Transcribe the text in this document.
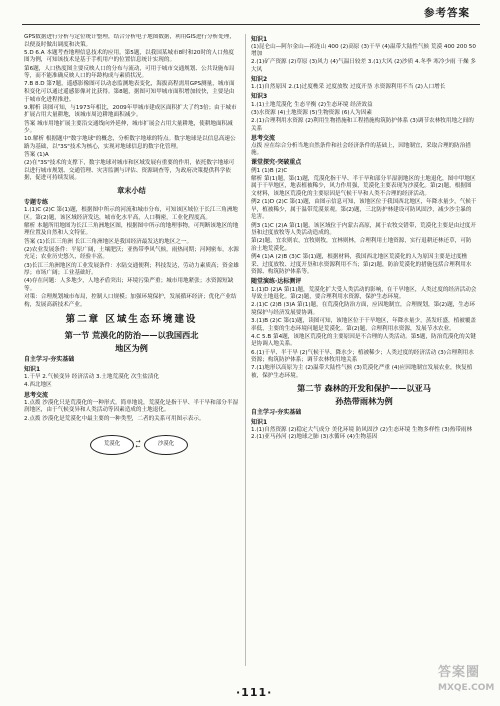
参考答案

GPS数据进行分析与定位统计整理，结合分析电子地图数据，利用GIS进行分析处理，以便及时做出调度和决策。

5.D 6.A 本题考查地理信息技术的应用。第5题，以我国某城市8时和20时的人口热度图为例，可知该技术是基于手机用户的位置信息统计实现的。

第6题，人口热度图主要反映人口的分布与流动，可用于城市交通规划、公共设施布局等，而不能准确反映人口的年龄构成与素质状况。

7.B 8.D 第7题，遥感影像图可以动态监测地表变化，海拔高程需用GPS测量，城市面积变化可以通过遥感影像对比获得。第8题，据图可知甲城市面积增加较快，主要是由于城市化进程推进。

9.解析 读图可知，与1973年相比，2009年甲城市建成区面积扩大了约3倍；由于城市扩展占用大量耕地，该城市周边耕地面积减少。

答案 城市用地扩展主要沿交通线向外延伸，城市扩展会占用大量耕地，使耕地面积减少。

10.解析 根据题中"数字地球"的概念，分析数字地球的特点。数字地球是以信息高速公路为基础，以"3S"技术为核心，实现对地球信息的数字化管理。

答案 (1)A

(2)在"3S"技术的支撑下，数字地球对城市和区域发展有重要的作用，依托数字地球可以进行城市规划、交通管理、灾害监测与评估、资源调查等，为政府决策提供科学依据，促进可持续发展。

章末小结
专题专练

1.(1)C (2)C 第(1)题，根据图中所示的河流和城市分布，可知该区域位于长江三角洲地区。第(2)题，该区域经济发达，城市化水平高，人口稠密，工业化程度高。

解析 本题所用地图为长江三角洲地区图，根据图中所示的地理事物，可判断该地区的地理位置及自然和人文特征。

答案 (1)长江三角洲 长江三角洲地区是我国经济最发达的地区之一。

(2)农业发展条件：平原广阔，土壤肥沃；亚热带季风气候，雨热同期；河网密布，水源充足；农业历史悠久，经验丰富。

(3)长江三角洲地区的工业发展条件：水陆交通便利；科技发达，劳动力素质高；资金雄厚；市场广阔；工业基础好。

(4)存在问题：人多地少，人地矛盾突出；环境污染严重；城市用地紧张；水资源短缺等。

对策：合理规划城市布局，控制人口规模；加强环境保护，发展循环经济；优化产业结构，发展高新技术产业。

第二章 区域生态环境建设
第一节 荒漠化的防治——以我国西北
地区为例
自主学习·夯实基础
知识1

1.干旱 2.气候变异 经济活动 3.土地荒漠化 次生盐渍化

4.西北地区

思考交流

1.点拨 沙漠化只是荒漠化的一种形式。简单地说，荒漠化是指干旱、半干旱和部分半湿润地区，由于气候变异和人类活动等因素造成的土地退化。

2.点拨 沙漠化是荒漠化中最主要的一种类型，二者的关系可用图示表示。

荒漠化	→
←	沙漠化
知识1

(1)昆仑山—阿尔金山—祁连山 400 (2)高原 (3)干旱 (4)温带大陆性气候 荒漠 400 200 50 增加

2.(1)矿产资源 (2)草原 (3)风力 (4)气温日较差 3.(1)大风 (2)沙质 4.冬季 寒冷少雨 干燥 多大风

知识2

1.(1)自然原因 2.(1)过度樵采 过度放牧 过度开垦 水资源利用不当 (2)人口增长

知识3

1.(1)土地荒漠化 生态平衡 (2)生态环境 经济效益

(3)水资源 (4)土地资源 (5)生物资源 (6)人为因素

2.(1)合理利用水资源 (2)利用生物措施和工程措施构筑防护体系 (3)调节农林牧用地之间的关系

思考交流

点拨 应在综合分析当地自然条件和社会经济条件的基础上，因地制宜，采取合理的防治措施。

课堂探究·突破重点

例1 (1)B (2)C

解析 第(1)题，第(1)题，荒漠化指干旱、半干旱和部分半湿润地区的土地退化，图中甲地区属于干旱地区，地表植被稀少，风力作用强，荒漠化主要表现为沙漠化。第(2)题，根据图文材料，该地区荒漠化的主要原因是气候干旱和人类不合理的经济活动。

例2 (1)D (2)C 第(1)题，由图示信息可知，该地区位于我国西北地区，年降水量少，气候干旱，植被稀少，属于温带荒漠景观。第(2)题，三北防护林建设可防风固沙，减少沙尘暴的危害。

例3 (1)C (2)A 第(1)题，该区域位于内蒙古高原，属于农牧交错带，荒漠化主要是由过度开垦和过度放牧等人类活动造成的。

第(2)题，宜农则农，宜牧则牧，宜林则林，合理利用土地资源，实行退耕还林还草，可防治土地荒漠化。

例4 (1)A (2)B (3)C 第(1)题，根据材料，我国西北地区荒漠化的人为原因主要是过度樵采、过度放牧、过度开垦和水资源利用不当；第(2)题，防治荒漠化的措施包括合理利用水资源、构筑防护体系等。

随堂演练·达标测评

1.(1)D (2)A 第(1)题，荒漠化扩大受人类活动的影响，在干旱地区，人类过度的经济活动会导致土地退化。第(2)题，要合理利用水资源，保护生态环境。

2.(1)C (2)B (3)A 第(1)题，在荒漠化防治方面，应因地制宜，合理规划，第(2)题，生态环境保护与经济发展要协调。

3.(1)B (2)C 第(1)题，读图可知，该地区位于干旱地区，年降水量少，蒸发旺盛，植被覆盖率低，主要的生态环境问题是荒漠化。第(2)题，合理利用水资源，发展节水农业。

4.C 5.B 第4题，该地区荒漠化的主要原因是不合理的人类活动。第5题，防治荒漠化的关键是协调人地关系。

6.(1)干旱、半干旱 (2)气候干旱、降水少；植被稀少；人类过度的经济活动 (3)合理利用水资源；构筑防护体系；调节农林牧用地关系

7.(1)地形以高原为主 (2)温带大陆性气候 (3)荒漠化严重 (4)应因地制宜发展农业，恢复植被，保护生态环境。

第二节 森林的开发和保护——以亚马
孙热带雨林为例
自主学习·夯实基础
知识1

1.(1)自然资源 (2)稳定大气成分 美化环境 防风固沙 (2)生态环境 生物多样性 (3)热带雨林 2.(1)亚马孙河 (2)地球之肺 (3)水循环 (4)生物基因

·111·
答案圈
MXQE.COM
